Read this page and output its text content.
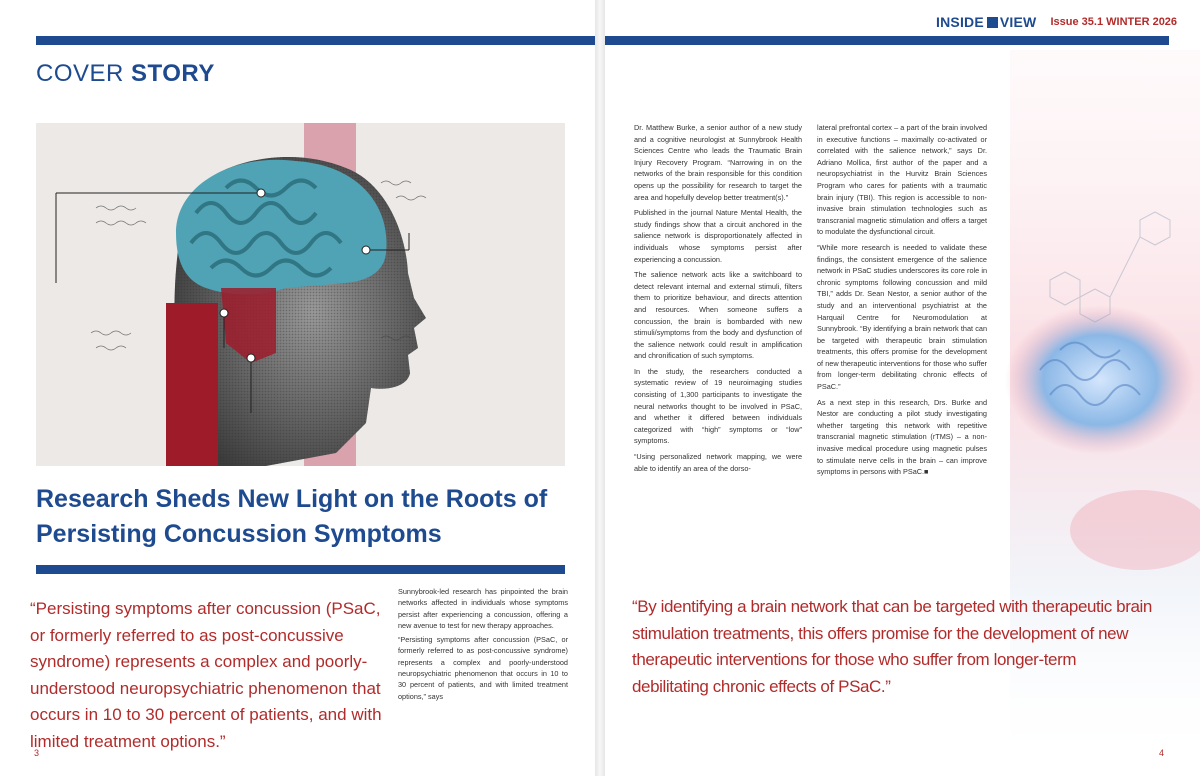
INSIDE VIEW Issue 35.1 WINTER 2026
COVER STORY
Research Sheds New Light on the Roots of Persisting Concussion Symptoms
“Persisting symptoms after concussion (PSaC, or formerly referred to as post-concussive syndrome) represents a complex and poorly-understood neuropsychiatric phenomenon that occurs in 10 to 30 percent of patients, and with limited treatment options.”

Sunnybrook-led research has pinpointed the brain networks affected in individuals whose symptoms persist after experiencing a concussion, offering a new avenue to test for new therapy approaches.

“Persisting symptoms after concussion (PSaC, or formerly referred to as post-concussive syndrome) represents a complex and poorly-understood neuropsychiatric phenomenon that occurs in 10 to 30 percent of patients, and with limited treatment options,” says

Dr. Matthew Burke, a senior author of a new study and a cognitive neurologist at Sunnybrook Health Sciences Centre who leads the Traumatic Brain Injury Recovery Program. “Narrowing in on the networks of the brain responsible for this condition opens up the possibility for research to target the area and hopefully develop better treatment(s).”

Published in the journal Nature Mental Health, the study findings show that a circuit anchored in the salience network is disproportionately affected in individuals whose symptoms persist after experiencing a concussion.

The salience network acts like a switchboard to detect relevant internal and external stimuli, filters them to prioritize behaviour, and directs attention and resources. When someone suffers a concussion, the brain is bombarded with new stimuli/symptoms from the body and dysfunction of the salience network could result in amplification and chronification of such symptoms.

In the study, the researchers conducted a systematic review of 19 neuroimaging studies consisting of 1,300 participants to investigate the neural networks thought to be involved in PSaC, and whether it differed between individuals categorized with “high” symptoms or “low” symptoms.

“Using personalized network mapping, we were able to identify an area of the dorso-

lateral prefrontal cortex – a part of the brain involved in executive functions – maximally co-activated or correlated with the salience network,” says Dr. Adriano Mollica, first author of the paper and a neuropsychiatrist in the Hurvitz Brain Sciences Program who cares for patients with a traumatic brain injury (TBI). This region is accessible to non-invasive brain stimulation technologies such as transcranial magnetic stimulation and offers a target to modulate the dysfunctional circuit.

“While more research is needed to validate these findings, the consistent emergence of the salience network in PSaC studies underscores its core role in chronic symptoms following concussion and mild TBI,” adds Dr. Sean Nestor, a senior author of the study and an interventional psychiatrist at the Harquail Centre for Neuromodulation at Sunnybrook. “By identifying a brain network that can be targeted with therapeutic brain stimulation treatments, this offers promise for the development of new therapeutic interventions for those who suffer from longer-term debilitating chronic effects of PSaC.”

As a next step in this research, Drs. Burke and Nestor are conducting a pilot study investigating whether targeting this network with repetitive transcranial magnetic stimulation (rTMS) – a non-invasive medical procedure using magnetic pulses to stimulate nerve cells in the brain – can improve symptoms in persons with PSaC.■

“By identifying a brain network that can be targeted with therapeutic brain stimulation treatments, this offers promise for the development of new therapeutic interventions for those who suffer from longer-term debilitating chronic effects of PSaC.”
3	4
